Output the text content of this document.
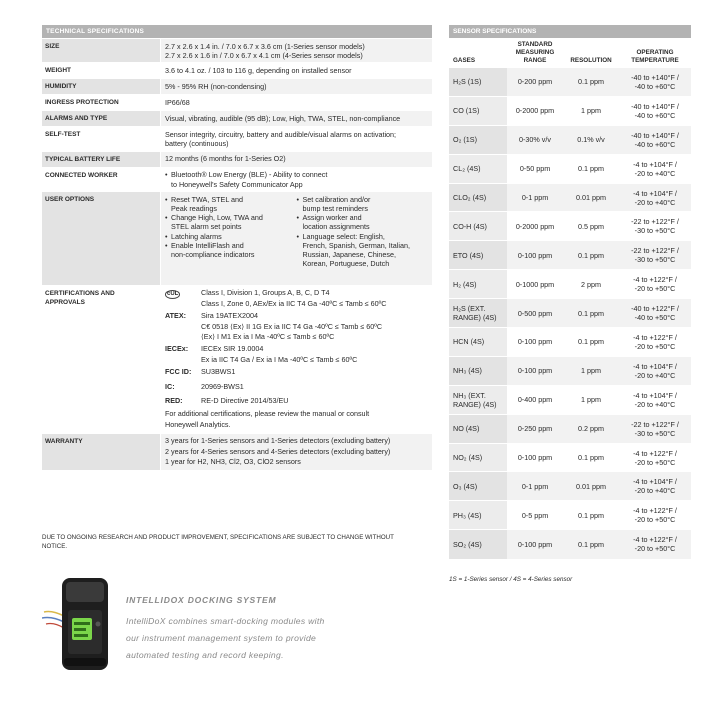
TECHNICAL SPECIFICATIONS
SIZE	2.7 x 2.6 x 1.4 in. / 7.0 x 6.7 x 3.6 cm (1-Series sensor models)
2.7 x 2.6 x 1.6 in / 7.0 x 6.7 x 4.1 cm (4-Series sensor models)
WEIGHT	3.6 to 4.1 oz. / 103 to 116 g, depending on installed sensor
HUMIDITY	5% - 95% RH (non-condensing)
INGRESS PROTECTION	IP66/68
ALARMS AND TYPE	Visual, vibrating, audible (95 dB); Low, High, TWA, STEL, non-compliance
SELF-TEST	Sensor integrity, circuitry, battery and audible/visual alarms on activation;
battery (continuous)
TYPICAL BATTERY LIFE	12 months (6 months for 1-Series O2)
CONNECTED WORKER	• Bluetooth® Low Energy (BLE) - Ability to connect
to Honeywell's Safety Communicator App
USER OPTIONS	• Reset TWA, STEL and
Peak readings
• Change High, Low, TWA and
STEL alarm set points
• Latching alarms
• Enable IntelliFlash and
non-compliance indicators
• Set calibration and/or
bump test reminders
• Assign worker and
location assignments
• Language select: English,
French, Spanish, German, Italian,
Russian, Japanese, Chinese,
Korean, Portuguese, Dutch
CERTIFICATIONS AND
APPROVALS
cUL	Class I, Division 1, Groups A, B, C, D T4
Class I, Zone 0, AEx/Ex ia IIC T4 Ga -40ºC ≤ Tamb ≤ 60ºC
ATEX:	Sira 19ATEX2004
C€ 0518 ⟨Ex⟩ II 1G Ex ia IIC T4 Ga -40ºC ≤ Tamb ≤ 60ºC
⟨Ex⟩ I M1 Ex ia I Ma -40ºC ≤ Tamb ≤ 60ºC
IECEx:	IECEx SIR 19.0004
Ex ia IIC T4 Ga / Ex ia I Ma -40ºC ≤ Tamb ≤ 60ºC
FCC ID:	SU3BWS1
IC:	20969-BWS1
RED:	RE-D Directive 2014/53/EU
For additional certifications, please review the manual or consult
Honeywell Analytics.
WARRANTY	3 years for 1-Series sensors and 1-Series detectors (excluding battery)
2 years for 4-Series sensors and 4-Series detectors (excluding battery)
1 year for H2, NH3, Cl2, O3, ClO2 sensors
DUE TO ONGOING RESEARCH AND PRODUCT IMPROVEMENT, SPECIFICATIONS ARE SUBJECT TO CHANGE WITHOUT NOTICE.
SENSOR SPECIFICATIONS
GASES	STANDARD MEASURING RANGE	RESOLUTION	OPERATING TEMPERATURE
H₂S (1S)	0-200 ppm	0.1 ppm	-40 to +140°F /
-40 to +60°C

CO (1S)	0-2000 ppm	1 ppm	-40 to +140°F /
-40 to +60°C

O₂ (1S)	0-30% v/v	0.1% v/v	-40 to +140°F /
-40 to +60°C

CL₂ (4S)	0-50 ppm	0.1 ppm	-4 to +104°F /
-20 to +40°C

CLO₂ (4S)	0-1 ppm	0.01 ppm	-4 to +104°F /
-20 to +40°C

CO-H (4S)	0-2000 ppm	0.5 ppm	-22 to +122°F /
-30 to +50°C

ETO (4S)	0-100 ppm	0.1 ppm	-22 to +122°F /
-30 to +50°C

H₂ (4S)	0-1000 ppm	2 ppm	-4 to +122°F /
-20 to +50°C

H₂S (EXT. RANGE) (4S)	0-500 ppm	0.1 ppm	-40 to +122°F /
-40 to +50°C

HCN (4S)	0-100 ppm	0.1 ppm	-4 to +122°F /
-20 to +50°C

NH₃ (4S)	0-100 ppm	1 ppm	-4 to +104°F /
-20 to +40°C

NH₃ (EXT. RANGE) (4S)	0-400 ppm	1 ppm	-4 to +104°F /
-20 to +40°C

NO (4S)	0-250 ppm	0.2 ppm	-22 to +122°F /
-30 to +50°C

NO₂ (4S)	0-100 ppm	0.1 ppm	-4 to +122°F /
-20 to +50°C

O₃ (4S)	0-1 ppm	0.01 ppm	-4 to +104°F /
-20 to +40°C

PH₃ (4S)	0-5 ppm	0.1 ppm	-4 to +122°F /
-20 to +50°C

SO₂ (4S)	0-100 ppm	0.1 ppm	-4 to +122°F /
-20 to +50°C
1S = 1-Series sensor / 4S = 4-Series sensor
INTELLIDOX DOCKING SYSTEM
IntelliDoX combines smart-docking modules with
our instrument management system to provide
automated testing and record keeping.
